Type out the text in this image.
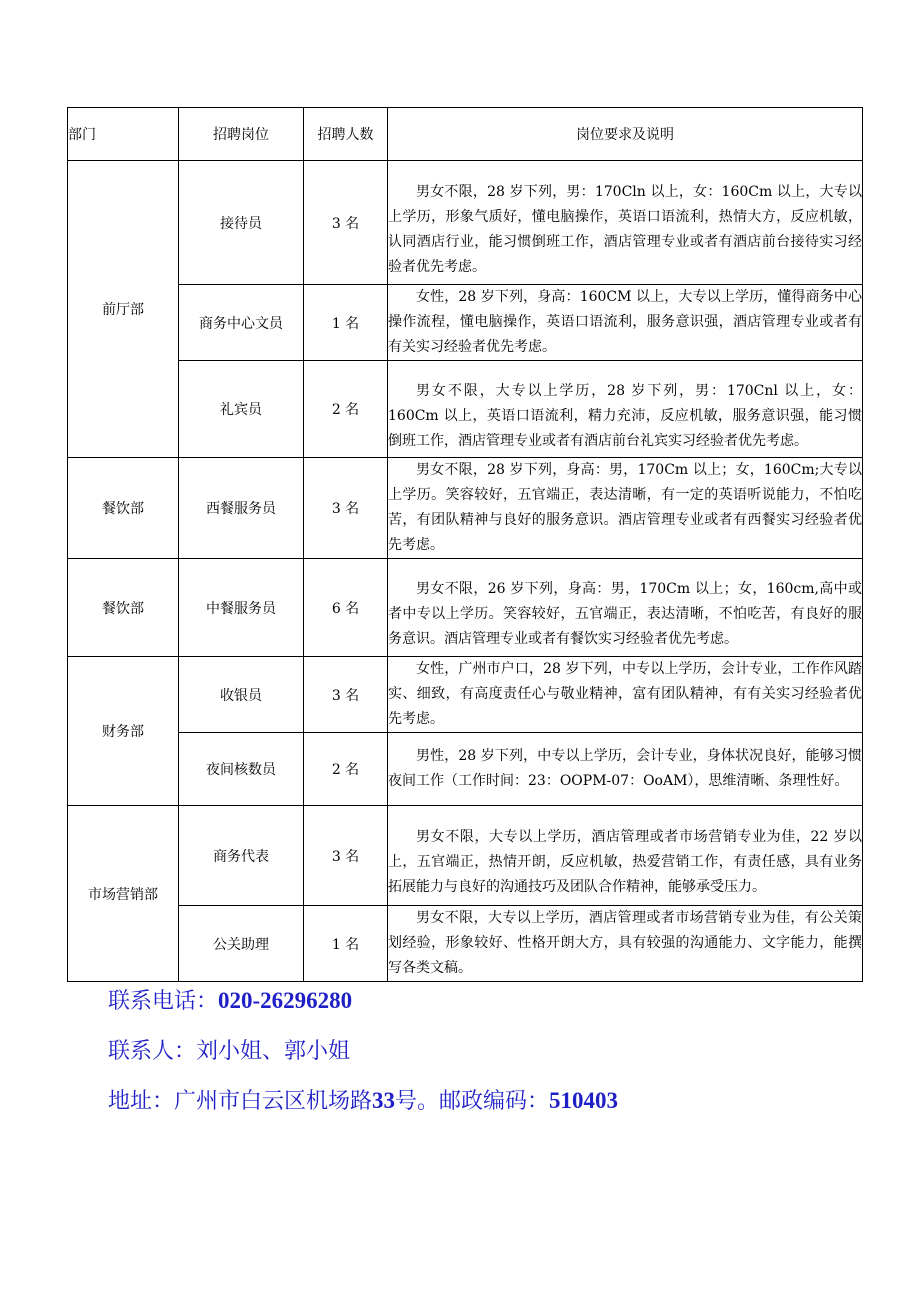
部门	招聘岗位	招聘人数	岗位要求及说明
前厅部	接待员	3 名	男女不限，28 岁下列，男：170Cln 以上，女：160Cm 以上，大专以上学历，形象气质好，懂电脑操作，英语口语流利，热情大方，反应机敏，认同酒店行业，能习惯倒班工作，酒店管理专业或者有酒店前台接待实习经验者优先考虑。

	商务中心文员	1 名	女性，28 岁下列，身高：160CM 以上，大专以上学历，懂得商务中心操作流程，懂电脑操作，英语口语流利，服务意识强，酒店管理专业或者有有关实习经验者优先考虑。

	礼宾员	2 名	男女不限，大专以上学历，28 岁下列，男：170Cnl 以上，女：160Cm 以上，英语口语流利，精力充沛，反应机敏，服务意识强，能习惯倒班工作，酒店管理专业或者有酒店前台礼宾实习经验者优先考虑。

餐饮部	西餐服务员	3 名	男女不限，28 岁下列，身高：男，170Cm 以上；女，160Cm;大专以上学历。笑容较好，五官端正，表达清晰，有一定的英语听说能力，不怕吃苦，有团队精神与良好的服务意识。酒店管理专业或者有西餐实习经验者优先考虑。

餐饮部	中餐服务员	6 名	男女不限，26 岁下列，身高：男，170Cm 以上；女，160cm,高中或者中专以上学历。笑容较好，五官端正，表达清晰，不怕吃苦，有良好的服务意识。酒店管理专业或者有餐饮实习经验者优先考虑。

财务部	收银员	3 名	女性，广州市户口，28 岁下列，中专以上学历，会计专业，工作作风踏实、细致，有高度责任心与敬业精神，富有团队精神，有有关实习经验者优先考虑。

	夜间核数员	2 名	男性，28 岁下列，中专以上学历，会计专业，身体状况良好，能够习惯夜间工作（工作时间：23：OOPM-07：OoAM），思维清晰、条理性好。

市场营销部	商务代表	3 名	男女不限，大专以上学历，酒店管理或者市场营销专业为佳，22 岁以上，五官端正，热情开朗，反应机敏，热爱营销工作，有责任感，具有业务拓展能力与良好的沟通技巧及团队合作精神，能够承受压力。

	公关助理	1 名	男女不限，大专以上学历，酒店管理或者市场营销专业为佳，有公关策划经验，形象较好、性格开朗大方，具有较强的沟通能力、文字能力，能撰写各类文稿。
联系电话：020-26296280
联系人：刘小姐、郭小姐
地址：广州市白云区机场路33号。邮政编码：510403
